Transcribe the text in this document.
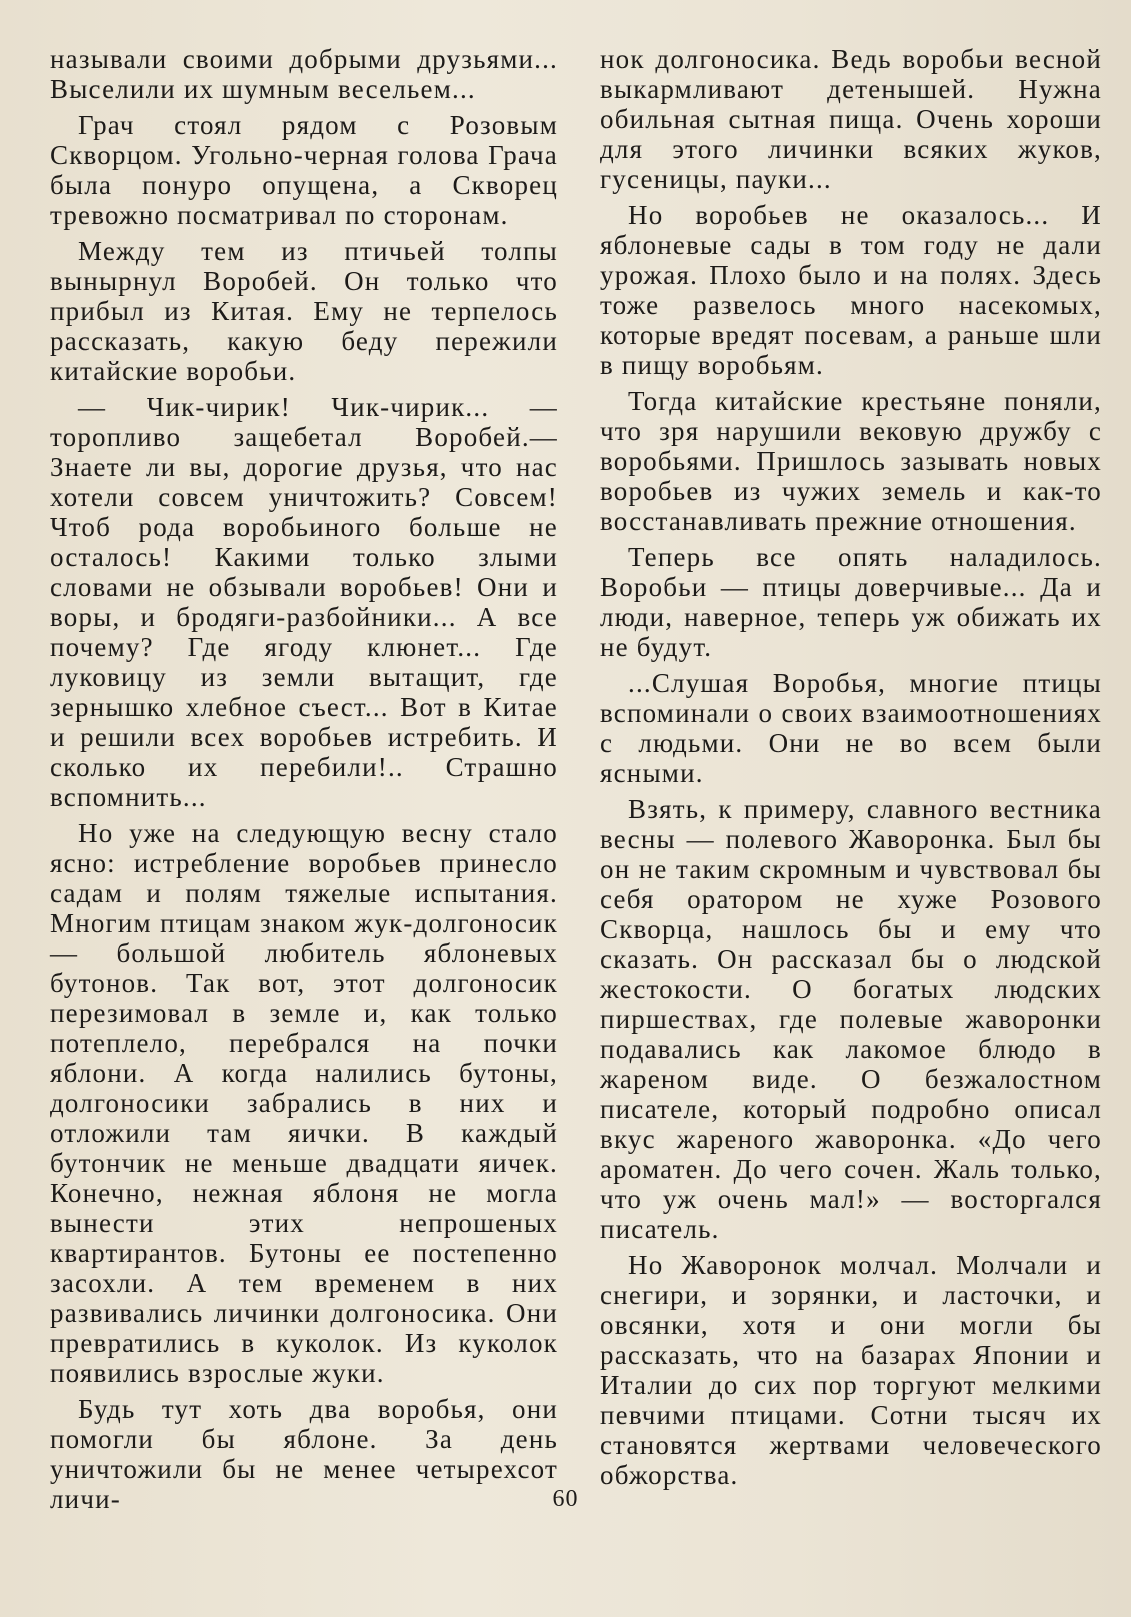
называли своими добрыми друзьями... Выселили их шумным весельем...

Грач стоял рядом с Розовым Скворцом. Угольно-черная голова Грача была понуро опущена, а Скворец тревожно посматривал по сторонам.

Между тем из птичьей толпы вынырнул Воробей. Он только что прибыл из Китая. Ему не терпелось рассказать, какую беду пережили китайские воробьи.

— Чик-чирик! Чик-чирик... — торопливо защебетал Воробей.— Знаете ли вы, дорогие друзья, что нас хотели совсем уничтожить? Совсем! Чтоб рода воробьиного больше не осталось! Какими только злыми словами не обзывали воробьев! Они и воры, и бродяги-разбойники... А все почему? Где ягоду клюнет... Где луковицу из земли вытащит, где зернышко хлебное съест... Вот в Китае и решили всех воробьев истребить. И сколько их перебили!.. Страшно вспомнить...

Но уже на следующую весну стало ясно: истребление воробьев принесло садам и полям тяжелые испытания. Многим птицам знаком жук-долгоносик — большой любитель яблоневых бутонов. Так вот, этот долгоносик перезимовал в земле и, как только потеплело, перебрался на почки яблони. А когда налились бутоны, долгоносики забрались в них и отложили там яички. В каждый бутончик не меньше двадцати яичек. Конечно, нежная яблоня не могла вынести этих непрошеных квартирантов. Бутоны ее постепенно засохли. А тем временем в них развивались личинки долгоносика. Они превратились в куколок. Из куколок появились взрослые жуки.

Будь тут хоть два воробья, они помогли бы яблоне. За день уничтожили бы не менее четырехсот личи-

нок долгоносика. Ведь воробьи весной выкармливают детенышей. Нужна обильная сытная пища. Очень хороши для этого личинки всяких жуков, гусеницы, пауки...

Но воробьев не оказалось... И яблоневые сады в том году не дали урожая. Плохо было и на полях. Здесь тоже развелось много насекомых, которые вредят посевам, а раньше шли в пищу воробьям.

Тогда китайские крестьяне поняли, что зря нарушили вековую дружбу с воробьями. Пришлось зазывать новых воробьев из чужих земель и как-то восстанавливать прежние отношения.

Теперь все опять наладилось. Воробьи — птицы доверчивые... Да и люди, наверное, теперь уж обижать их не будут.

...Слушая Воробья, многие птицы вспоминали о своих взаимоотношениях с людьми. Они не во всем были ясными.

Взять, к примеру, славного вестника весны — полевого Жаворонка. Был бы он не таким скромным и чувствовал бы себя оратором не хуже Розового Скворца, нашлось бы и ему что сказать. Он рассказал бы о людской жестокости. О богатых людских пиршествах, где полевые жаворонки подавались как лакомое блюдо в жареном виде. О безжалостном писателе, который подробно описал вкус жареного жаворонка. «До чего ароматен. До чего сочен. Жаль только, что уж очень мал!» — восторгался писатель.

Но Жаворонок молчал. Молчали и снегири, и зорянки, и ласточки, и овсянки, хотя и они могли бы рассказать, что на базарах Японии и Италии до сих пор торгуют мелкими певчими птицами. Сотни тысяч их становятся жертвами человеческого обжорства.

60
